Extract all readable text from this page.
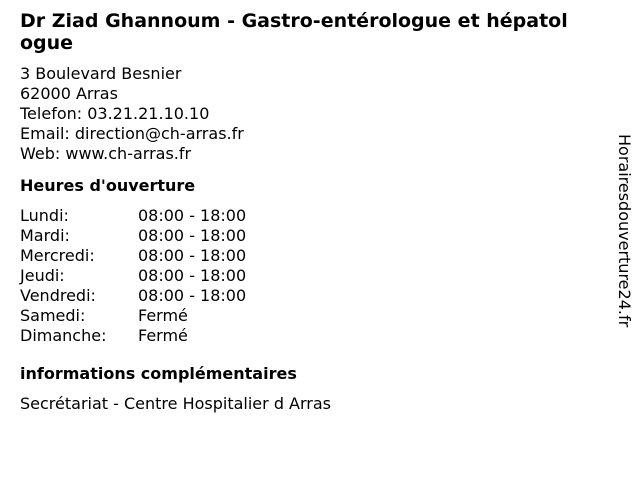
Dr Ziad Ghannoum - Gastro-entérologue et hépatologue
3 Boulevard Besnier
62000 Arras
Telefon: 03.21.21.10.10
Email: direction@ch-arras.fr
Web: www.ch-arras.fr
Heures d'ouverture
Lundi:	08:00 - 18:00
Mardi:	08:00 - 18:00
Mercredi:	08:00 - 18:00
Jeudi:	08:00 - 18:00
Vendredi:	08:00 - 18:00
Samedi:	Fermé
Dimanche:	Fermé
informations complémentaires
Secrétariat - Centre Hospitalier d Arras
Horairesdouverture24.fr
